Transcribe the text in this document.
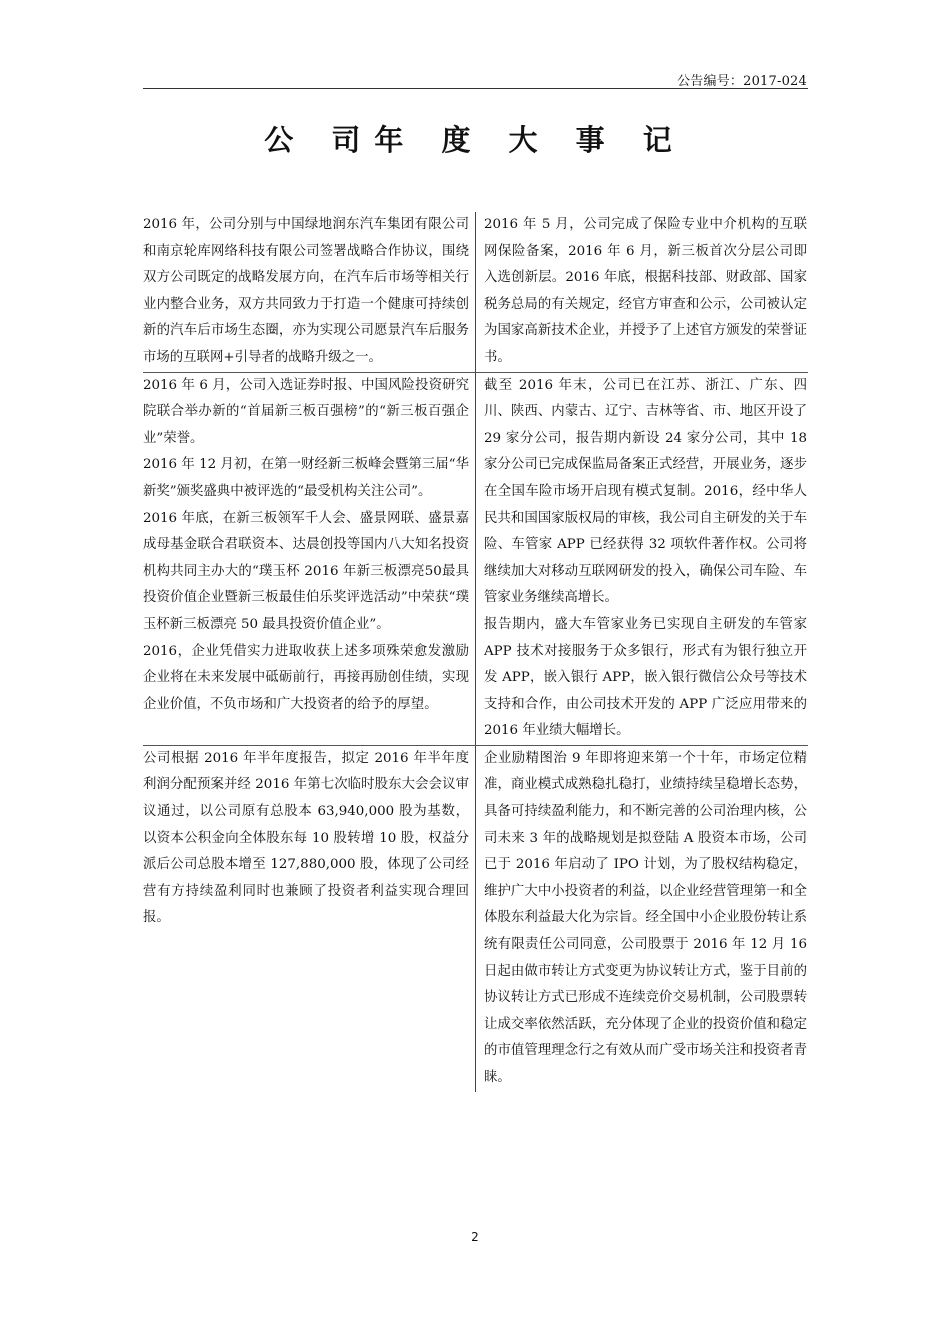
公告编号：2017-024
公 司年 度 大 事 记

2016 年，公司分别与中国绿地润东汽车集团有限公司和南京轮库网络科技有限公司签署战略合作协议，围绕双方公司既定的战略发展方向，在汽车后市场等相关行业内整合业务，双方共同致力于打造一个健康可持续创新的汽车后市场生态圈，亦为实现公司愿景汽车后服务市场的互联网+引导者的战略升级之一。

2016 年 5 月，公司完成了保险专业中介机构的互联网保险备案，2016 年 6 月，新三板首次分层公司即入选创新层。2016 年底，根据科技部、财政部、国家税务总局的有关规定，经官方审查和公示，公司被认定为国家高新技术企业，并授予了上述官方颁发的荣誉证书。

2016 年 6 月，公司入选证券时报、中国风险投资研究院联合举办新的“首届新三板百强榜”的“新三板百强企业”荣誉。

2016 年 12 月初，在第一财经新三板峰会暨第三届“华新奖”颁奖盛典中被评选的“最受机构关注公司”。

2016 年底，在新三板领军千人会、盛景网联、盛景嘉成母基金联合君联资本、达晨创投等国内八大知名投资机构共同主办大的“璞玉杯 2016 年新三板漂亮50最具投资价值企业暨新三板最佳伯乐奖评选活动”中荣获“璞玉杯新三板漂亮 50 最具投资价值企业”。

2016，企业凭借实力进取收获上述多项殊荣愈发激励企业将在未来发展中砥砺前行，再接再励创佳绩，实现企业价值，不负市场和广大投资者的给予的厚望。

截至 2016 年末，公司已在江苏、浙江、广东、四川、陕西、内蒙古、辽宁、吉林等省、市、地区开设了 29 家分公司，报告期内新设 24 家分公司，其中 18 家分公司已完成保监局备案正式经营，开展业务，逐步在全国车险市场开启现有模式复制。2016，经中华人民共和国国家版权局的审核，我公司自主研发的关于车险、车管家 APP 已经获得 32 项软件著作权。公司将继续加大对移动互联网研发的投入，确保公司车险、车管家业务继续高增长。

报告期内，盛大车管家业务已实现自主研发的车管家 APP 技术对接服务于众多银行，形式有为银行独立开发 APP，嵌入银行 APP，嵌入银行微信公众号等技术支持和合作，由公司技术开发的 APP 广泛应用带来的 2016 年业绩大幅增长。

公司根据 2016 年半年度报告，拟定 2016 年半年度利润分配预案并经 2016 年第七次临时股东大会会议审议通过，以公司原有总股本 63,940,000 股为基数，以资本公积金向全体股东每 10 股转增 10 股，权益分派后公司总股本增至 127,880,000 股，体现了公司经营有方持续盈利同时也兼顾了投资者利益实现合理回报。

企业励精图治 9 年即将迎来第一个十年，市场定位精准，商业模式成熟稳扎稳打，业绩持续呈稳增长态势，具备可持续盈利能力，和不断完善的公司治理内核，公司未来 3 年的战略规划是拟登陆 A 股资本市场，公司已于 2016 年启动了 IPO 计划，为了股权结构稳定，维护广大中小投资者的利益，以企业经营管理第一和全体股东利益最大化为宗旨。经全国中小企业股份转让系统有限责任公司同意，公司股票于 2016 年 12 月 16 日起由做市转让方式变更为协议转让方式，鉴于目前的协议转让方式已形成不连续竞价交易机制，公司股票转让成交率依然活跃，充分体现了企业的投资价值和稳定的市值管理理念行之有效从而广受市场关注和投资者青睐。

2
